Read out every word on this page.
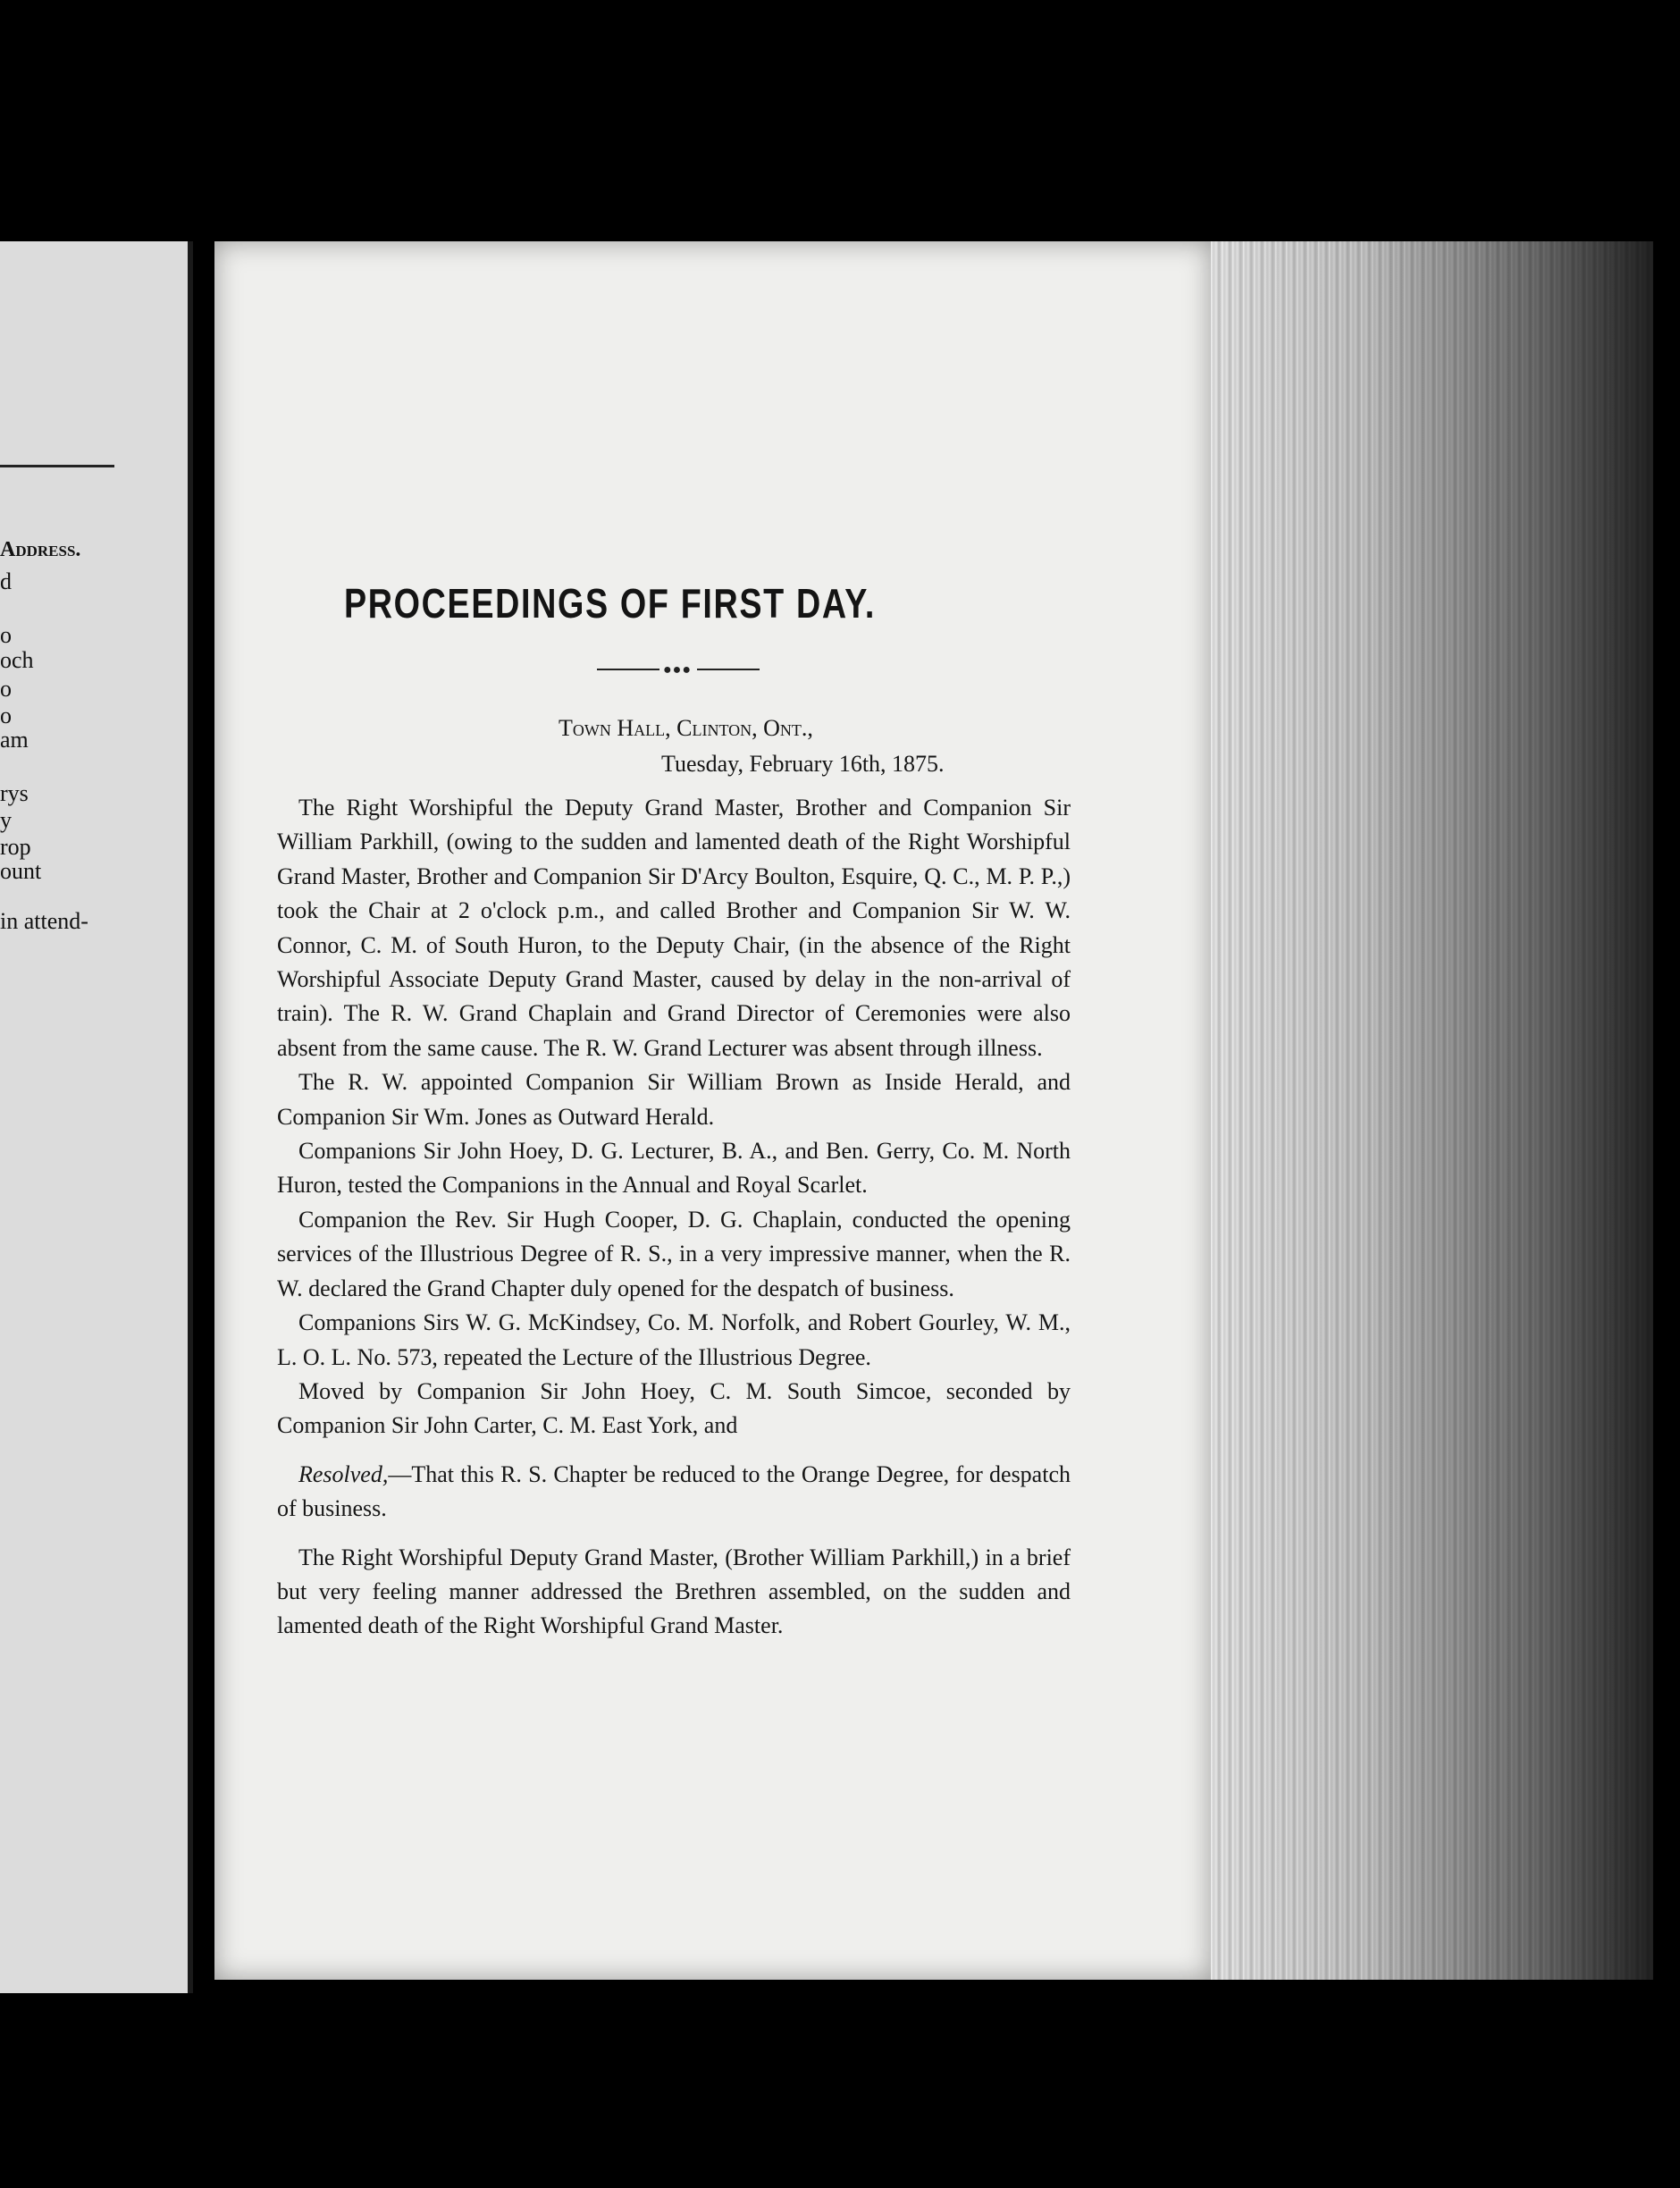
Address.
d
o
och
o
o
am
rys
y
rop
ount
in attend-
PROCEEDINGS OF FIRST DAY.
●●●
Town Hall, Clinton, Ont.,
Tuesday, February 16th, 1875.

The Right Worshipful the Deputy Grand Master, Brother and Companion Sir William Parkhill, (owing to the sudden and lamented death of the Right Worshipful Grand Master, Brother and Companion Sir D'Arcy Boulton, Esquire, Q. C., M. P. P.,) took the Chair at 2 o'clock p.m., and called Brother and Companion Sir W. W. Connor, C. M. of South Huron, to the Deputy Chair, (in the absence of the Right Worshipful Associate Deputy Grand Master, caused by delay in the non-arrival of train). The R. W. Grand Chaplain and Grand Director of Ceremonies were also absent from the same cause. The R. W. Grand Lecturer was absent through illness.

The R. W. appointed Companion Sir William Brown as Inside Herald, and Companion Sir Wm. Jones as Outward Herald.

Companions Sir John Hoey, D. G. Lecturer, B. A., and Ben. Gerry, Co. M. North Huron, tested the Companions in the Annual and Royal Scarlet.

Companion the Rev. Sir Hugh Cooper, D. G. Chaplain, conducted the opening services of the Illustrious Degree of R. S., in a very impressive manner, when the R. W. declared the Grand Chapter duly opened for the despatch of business.

Companions Sirs W. G. McKindsey, Co. M. Norfolk, and Robert Gourley, W. M., L. O. L. No. 573, repeated the Lecture of the Illustrious Degree.

Moved by Companion Sir John Hoey, C. M. South Simcoe, seconded by Companion Sir John Carter, C. M. East York, and

Resolved,—That this R. S. Chapter be reduced to the Orange Degree, for despatch of business.

The Right Worshipful Deputy Grand Master, (Brother William Parkhill,) in a brief but very feeling manner addressed the Brethren assembled, on the sudden and lamented death of the Right Worshipful Grand Master.
